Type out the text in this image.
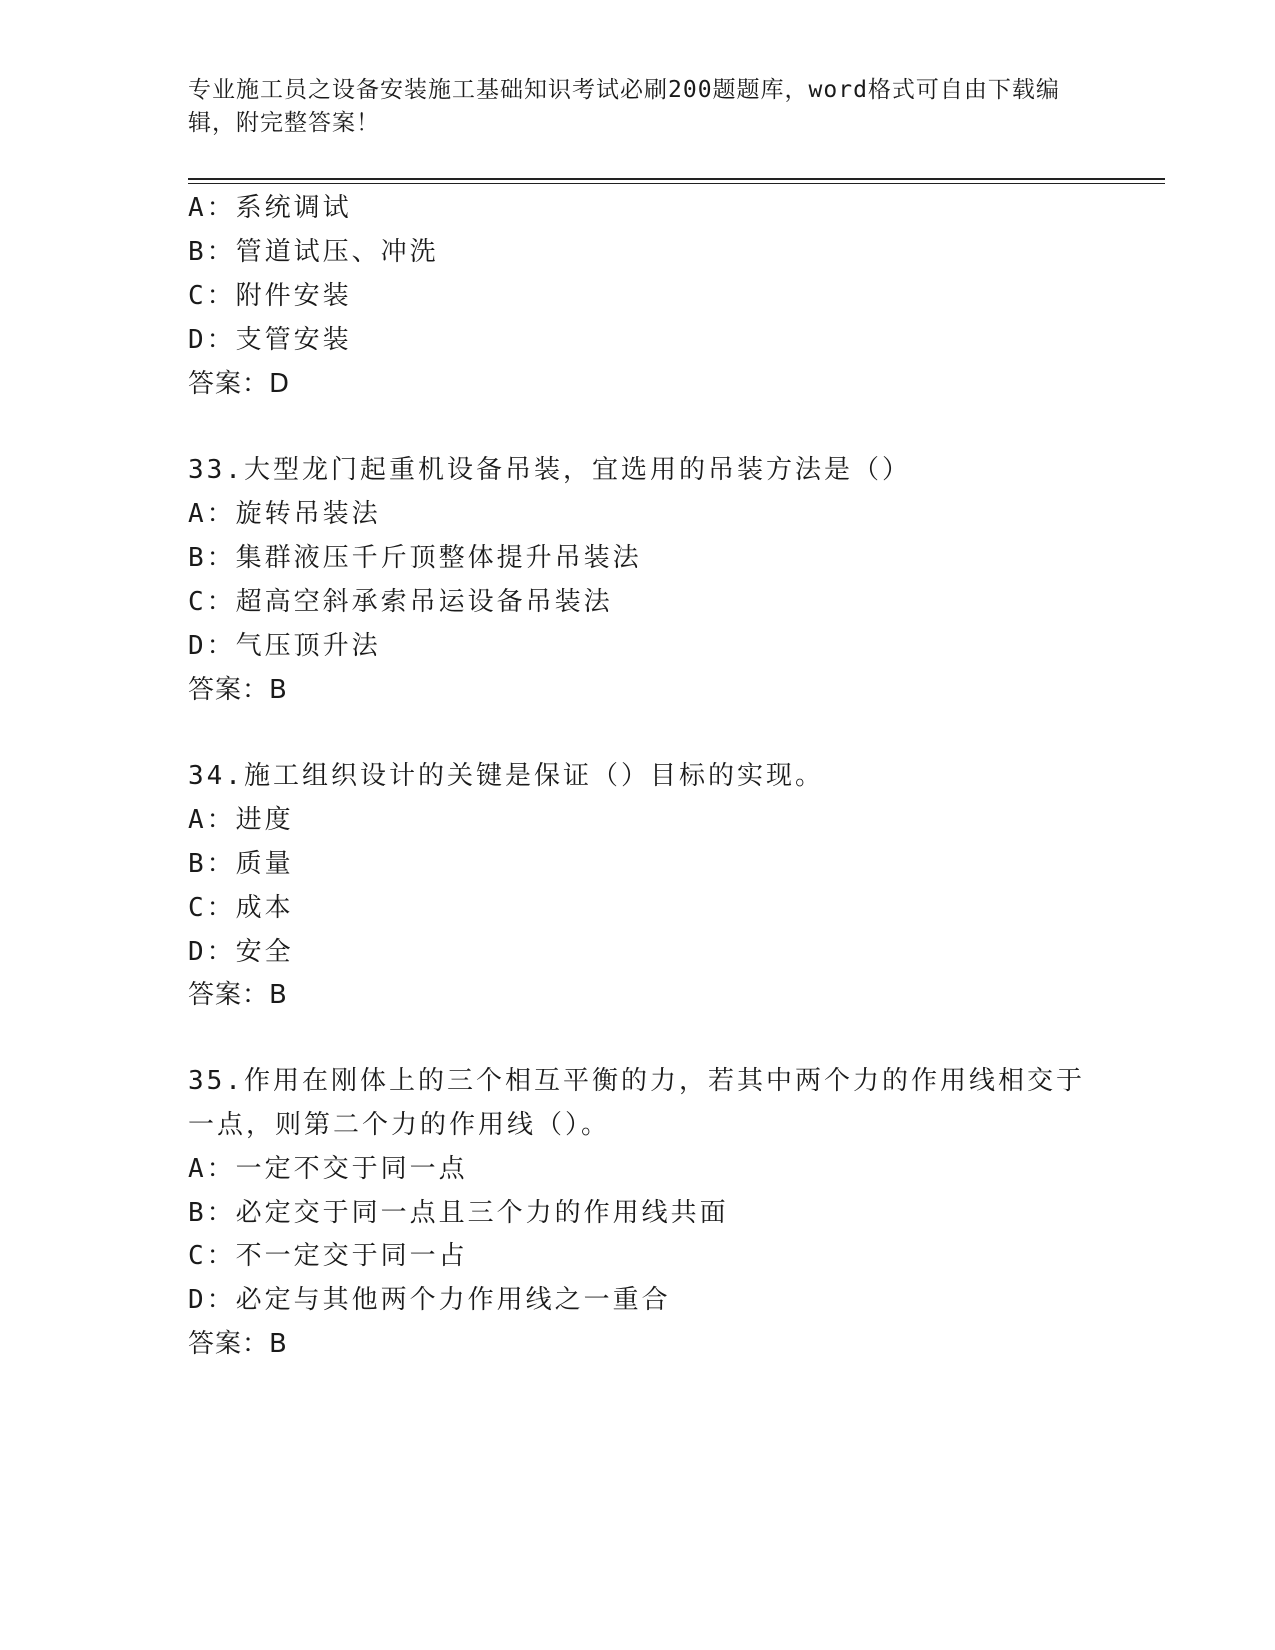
专业施工员之设备安装施工基础知识考试必刷200题题库，word格式可自由下载编辑，附完整答案！
A：系统调试
B：管道试压、冲洗
C：附件安装
D：支管安装
答案：D
33.大型龙门起重机设备吊装，宜选用的吊装方法是（）
A：旋转吊装法
B：集群液压千斤顶整体提升吊装法
C：超高空斜承索吊运设备吊装法
D：气压顶升法
答案：B
34.施工组织设计的关键是保证（）目标的实现。
A：进度
B：质量
C：成本
D：安全
答案：B
35.作用在刚体上的三个相互平衡的力，若其中两个力的作用线相交于
一点，则第二个力的作用线（）。
A：一定不交于同一点
B：必定交于同一点且三个力的作用线共面
C：不一定交于同一占
D：必定与其他两个力作用线之一重合
答案：B
